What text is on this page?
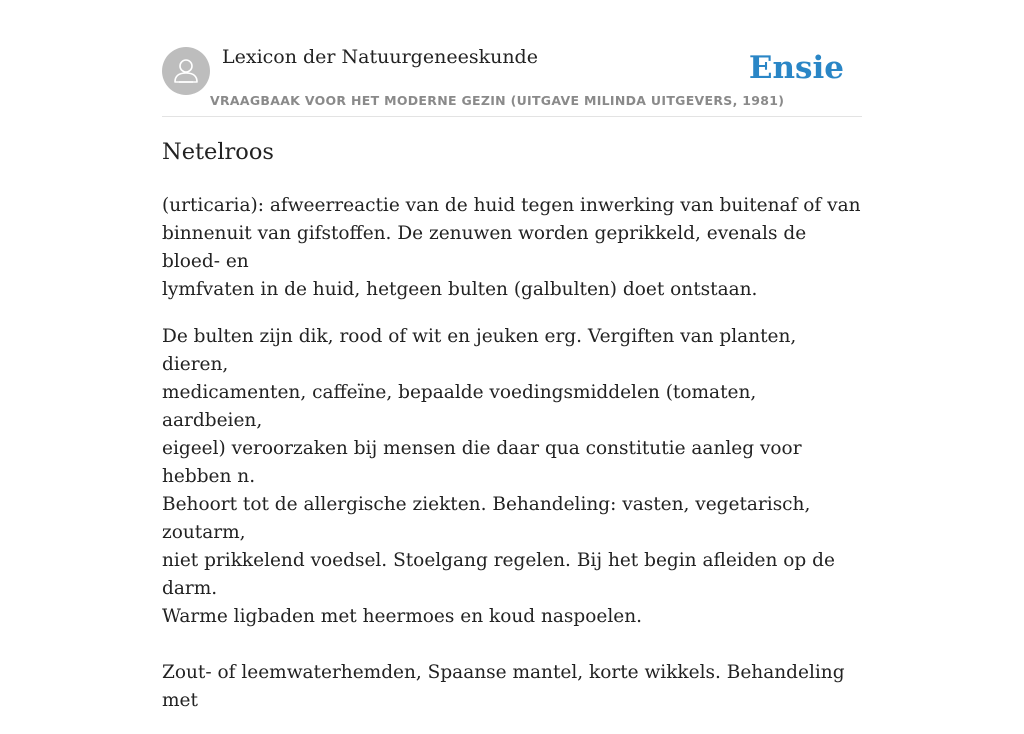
Lexicon der Natuurgeneeskunde
VRAAGBAAK VOOR HET MODERNE GEZIN (UITGAVE MILINDA UITGEVERS, 1981)
Ensie
Netelroos

(urticaria): afweerreactie van de huid tegen inwerking van buitenaf of van
binnenuit van gifstoffen. De zenuwen worden geprikkeld, evenals de bloed- en
lymfvaten in de huid, hetgeen bulten (galbulten) doet ontstaan.

De bulten zijn dik, rood of wit en jeuken erg. Vergiften van planten, dieren,
medicamenten, caffeïne, bepaalde voedingsmiddelen (tomaten, aardbeien,
eigeel) veroorzaken bij mensen die daar qua constitutie aanleg voor hebben n.
Behoort tot de allergische ziekten. Behandeling: vasten, vegetarisch, zoutarm,
niet prikkelend voedsel. Stoelgang regelen. Bij het begin afleiden op de darm.
Warme ligbaden met heermoes en koud naspoelen.

Zout- of leemwaterhemden, Spaanse mantel, korte wikkels. Behandeling met
